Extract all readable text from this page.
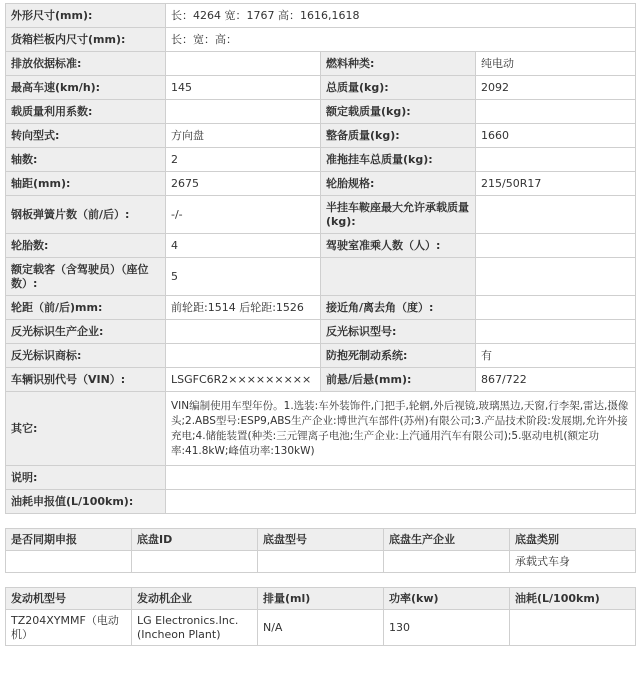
外形尺寸(mm):	长：4264 宽：1767 高：1616,1618		
货箱栏板内尺寸(mm):	长：宽：高：		
排放依据标准:		燃料种类:	纯电动
最高车速(km/h):	145	总质量(kg):	2092
载质量利用系数:		额定载质量(kg):	
转向型式:	方向盘	整备质量(kg):	1660
轴数:	2	准拖挂车总质量(kg):	
轴距(mm):	2675	轮胎规格:	215/50R17
钢板弹簧片数（前/后）:	-/-	半挂车鞍座最大允许承载质量(kg):	
轮胎数:	4	驾驶室准乘人数（人）:	
额定载客（含驾驶员）（座位数）:	5		
轮距（前/后)mm:	前轮距:1514 后轮距:1526	接近角/离去角（度）:	
反光标识生产企业:		反光标识型号:	
反光标识商标:		防抱死制动系统:	有
车辆识别代号（VIN）:	LSGFC6R2×××××××××	前悬/后悬(mm):	867/722
其它:	VIN编制使用车型年份。1.选装:车外装饰件,门把手,轮辋,外后视镜,玻璃黑边,天窗,行李架,雷达,摄像头;2.ABS型号:ESP9,ABS生产企业:博世汽车部件(苏州)有限公司;3.产品技术阶段:发展期,允许外接充电;4.储能装置(种类:三元锂离子电池;生产企业:上汽通用汽车有限公司);5.驱动电机(额定功率:41.8kW;峰值功率:130kW)		
说明:			
油耗申报值(L/100km):			
是否同期申报	底盘ID	底盘型号	底盘生产企业	底盘类别
				承载式车身
发动机型号	发动机企业	排量(ml)	功率(kw)	油耗(L/100km)
TZ204XYMMF（电动机）	LG Electronics.Inc.(Incheon Plant)	N/A	130	
